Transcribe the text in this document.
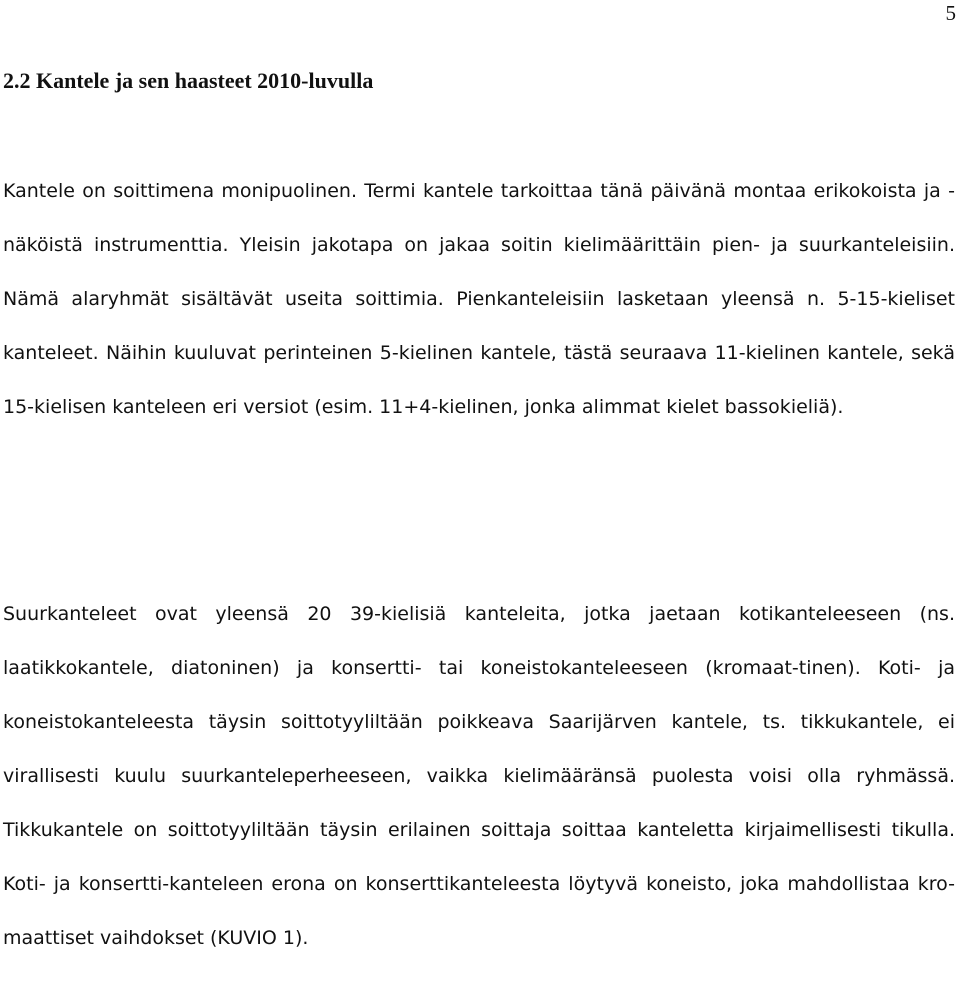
5
2.2 Kantele ja sen haasteet 2010-luvulla

Kantele on soittimena monipuolinen. Termi kantele tarkoittaa tänä päivänä montaa erikokoista ja -näköistä instrumenttia. Yleisin jakotapa on jakaa soitin kielimäärittäin pien- ja suurkanteleisiin. Nämä alaryhmät sisältävät useita soittimia. Pienkanteleisiin lasketaan yleensä n. 5-15-kieliset kanteleet. Näihin kuuluvat perinteinen 5-kielinen kantele, tästä seuraava 11-kielinen kantele, sekä 15-kielisen kanteleen eri versiot (esim. 11+4-kielinen, jonka alimmat kielet bassokieliä).

Suurkanteleet ovat yleensä 20 39-kielisiä kanteleita, jotka jaetaan kotikanteleeseen (ns. laatikkokantele, diatoninen) ja konsertti- tai koneistokanteleeseen (kromaat-tinen). Koti- ja koneistokanteleesta täysin soittotyyliltään poikkeava Saarijärven kantele, ts. tikkukantele, ei virallisesti kuulu suurkanteleperheeseen, vaikka kielimääränsä puolesta voisi olla ryhmässä. Tikkukantele on soittotyyliltään täysin erilainen soittaja soittaa kanteletta kirjaimellisesti tikulla. Koti- ja konsertti-kanteleen erona on konserttikanteleesta löytyvä koneisto, joka mahdollistaa kro-maattiset vaihdokset (KUVIO 1).
